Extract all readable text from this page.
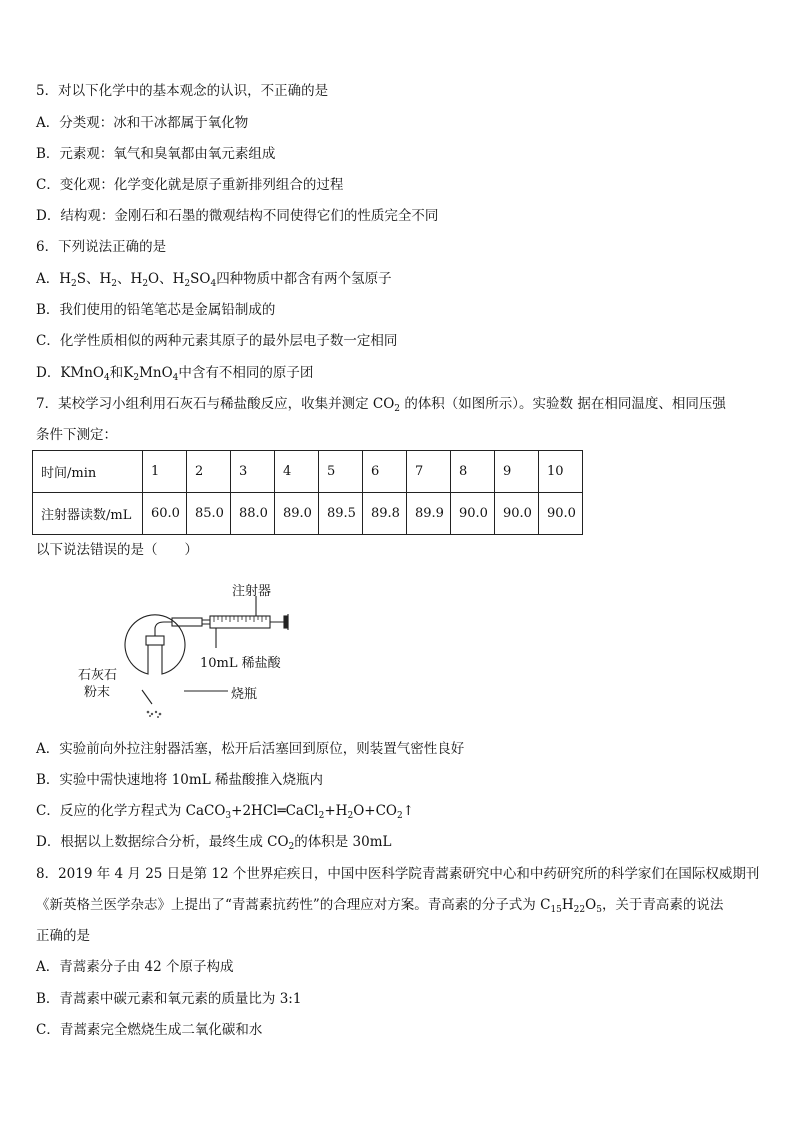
5．对以下化学中的基本观念的认识，不正确的是
A．分类观：冰和干冰都属于氧化物
B．元素观：氧气和臭氧都由氧元素组成
C．变化观：化学变化就是原子重新排列组合的过程
D．结构观：金刚石和石墨的微观结构不同使得它们的性质完全不同
6．下列说法正确的是
A．$H_2S$、$H_2$、$H_2O$、$H_2SO_4$四种物质中都含有两个氢原子
B．我们使用的铅笔笔芯是金属铅制成的
C．化学性质相似的两种元素其原子的最外层电子数一定相同
D．KMnO$_4$和$K_2MnO_4$中含有不相同的原子团
7．某校学习小组利用石灰石与稀盐酸反应，收集并测定 $CO_2$ 的体积（如图所示）。实验数 据在相同温度、相同压强
条件下测定：
时间/min	1	2	3	4	5	6	7	8	9	10
注射器读数/mL	60.0	85.0	88.0	89.0	89.5	89.8	89.9	90.0	90.0	90.0
以下说法错误的是（　　）
注射器
10mL 稀盐酸
石灰石
粉末	烧瓶
A．实验前向外拉注射器活塞，松开后活塞回到原位，则装置气密性良好
B．实验中需快速地将 10mL 稀盐酸推入烧瓶内
C．反应的化学方程式为 $CaCO_3+2HCl═CaCl_2+H_2O+CO_2↑$
D．根据以上数据综合分析，最终生成 $CO_2$的体积是 30mL
8．2019 年 4 月 25 日是第 12 个世界疟疾日，中国中医科学院青蒿素研究中心和中药研究所的科学家们在国际权威期刊
《新英格兰医学杂志》上提出了“青蒿素抗药性”的合理应对方案。青高素的分子式为 $C_{15}H_{22}O_5$，关于青高素的说法
正确的是
A．青蒿素分子由 42 个原子构成
B．青蒿素中碳元素和氧元素的质量比为 3:1
C．青蒿素完全燃烧生成二氧化碳和水
